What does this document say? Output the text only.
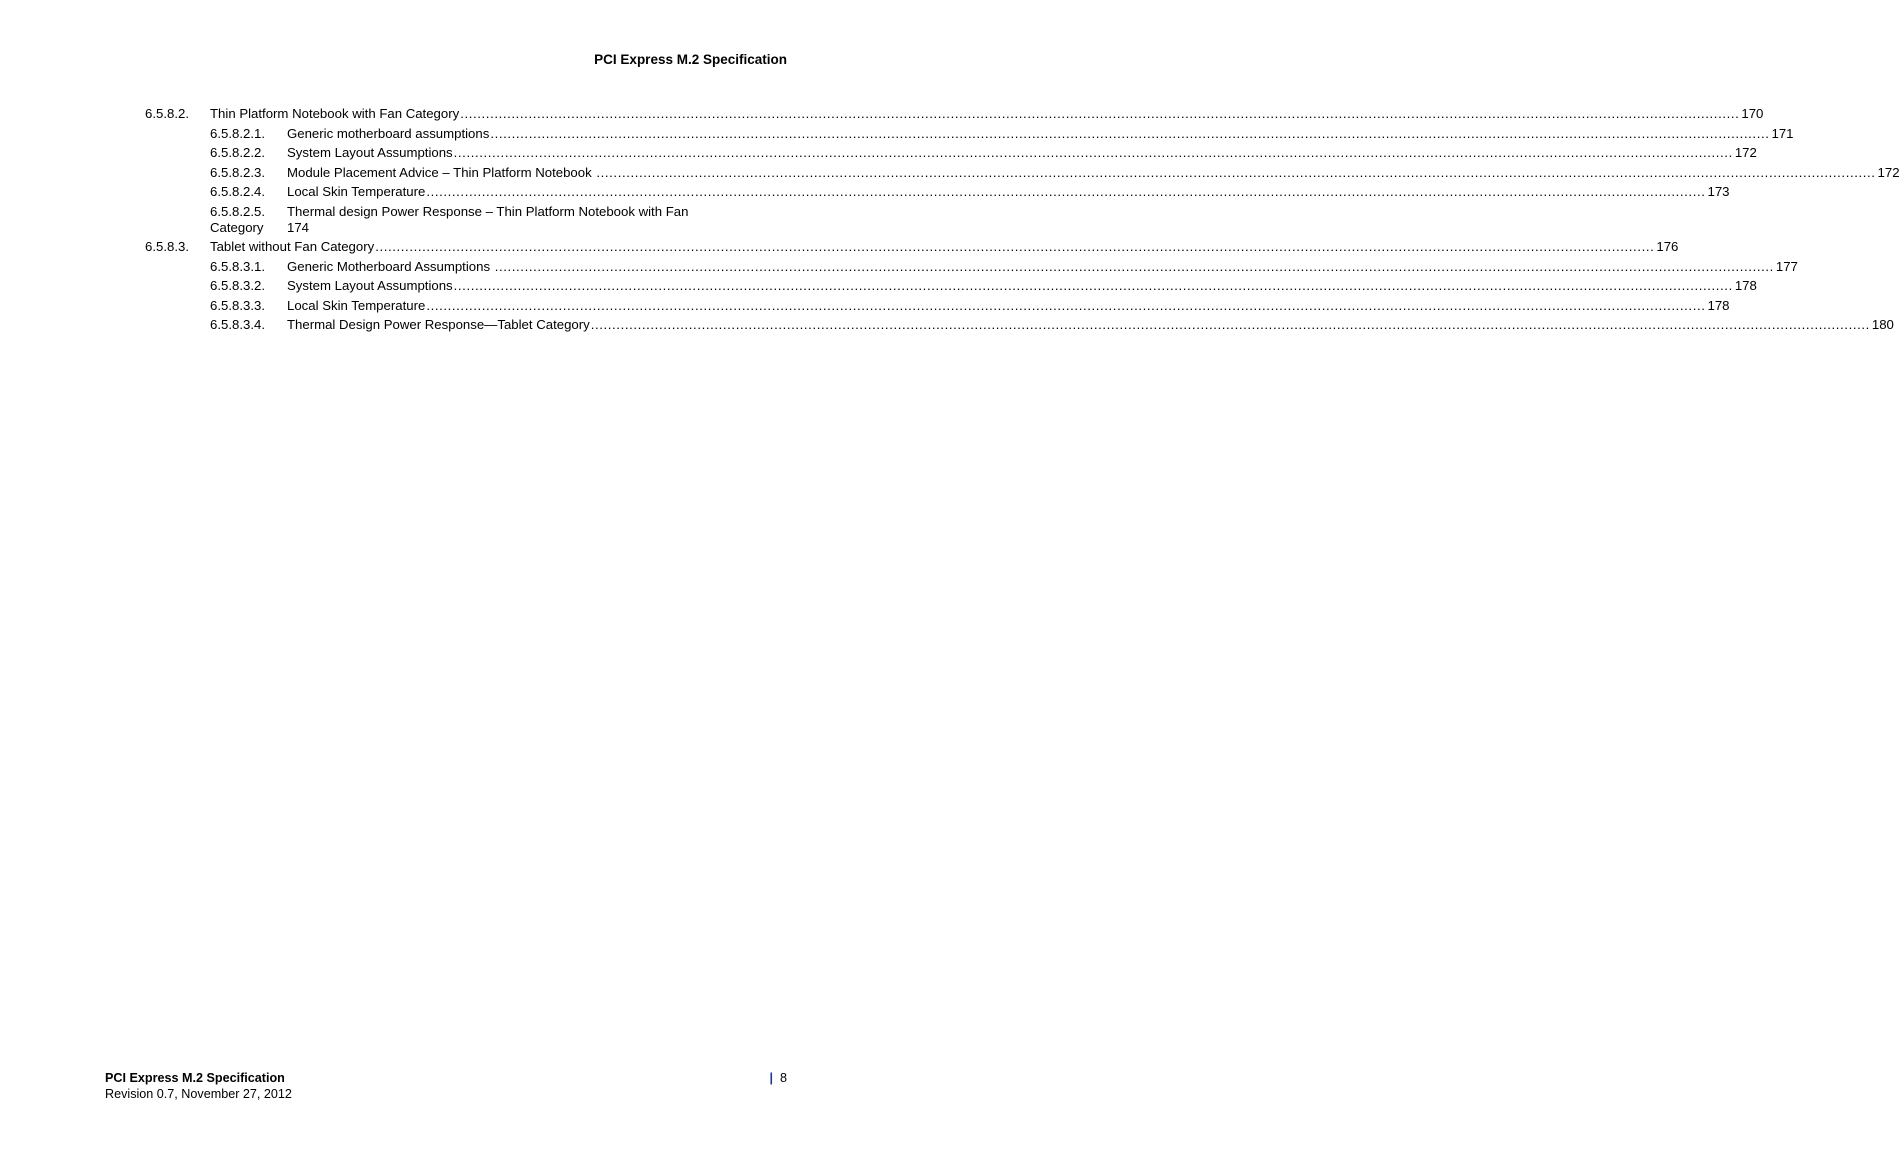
PCI Express M.2 Specification
6.5.8.2. Thin Platform Notebook with Fan Category ............................................................................................................................................................................................................................................................................................................ 170
6.5.8.2.1. Generic motherboard assumptions ............................................................................................................................................................................................................................................................................................................ 171
6.5.8.2.2. System Layout Assumptions ............................................................................................................................................................................................................................................................................................................ 172
6.5.8.2.3. Module Placement Advice – Thin Platform Notebook ............................................................................................................................................................................................................................................................................................................ 172
6.5.8.2.4. Local Skin Temperature ............................................................................................................................................................................................................................................................................................................ 173
6.5.8.2.5. Thermal design Power Response – Thin Platform Notebook with Fan
Category 174
6.5.8.3. Tablet without Fan Category ............................................................................................................................................................................................................................................................................................................ 176
6.5.8.3.1. Generic Motherboard Assumptions ............................................................................................................................................................................................................................................................................................................ 177
6.5.8.3.2. System Layout Assumptions ............................................................................................................................................................................................................................................................................................................ 178
6.5.8.3.3. Local Skin Temperature ............................................................................................................................................................................................................................................................................................................ 178
6.5.8.3.4. Thermal Design Power Response—Tablet Category ............................................................................................................................................................................................................................................................................................................ 180
PCI Express M.2 Specification
Revision 0.7, November 27, 2012
| 8
